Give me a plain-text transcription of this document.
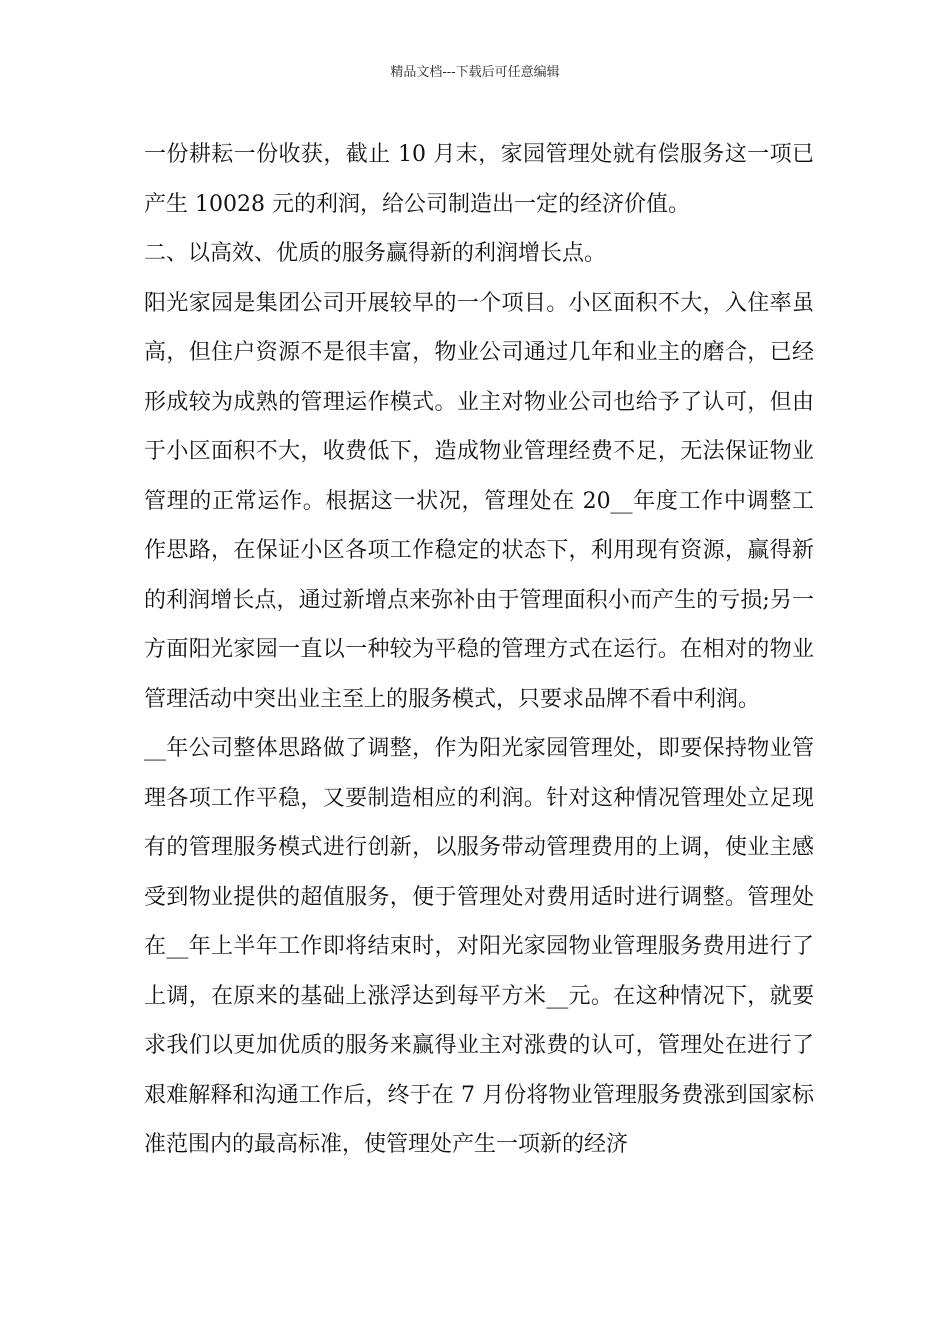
精品文档---下载后可任意编辑

一份耕耘一份收获，截止 10 月末，家园管理处就有偿服务这一项已产生 10028 元的利润，给公司制造出一定的经济价值。

二、以高效、优质的服务赢得新的利润增长点。

阳光家园是集团公司开展较早的一个项目。小区面积不大，入住率虽高，但住户资源不是很丰富，物业公司通过几年和业主的磨合，已经形成较为成熟的管理运作模式。业主对物业公司也给予了认可，但由于小区面积不大，收费低下，造成物业管理经费不足，无法保证物业管理的正常运作。根据这一状况，管理处在 20__年度工作中调整工作思路，在保证小区各项工作稳定的状态下，利用现有资源，赢得新的利润增长点，通过新增点来弥补由于管理面积小而产生的亏损;另一方面阳光家园一直以一种较为平稳的管理方式在运行。在相对的物业管理活动中突出业主至上的服务模式，只要求品牌不看中利润。

__年公司整体思路做了调整，作为阳光家园管理处，即要保持物业管理各项工作平稳，又要制造相应的利润。针对这种情况管理处立足现有的管理服务模式进行创新，以服务带动管理费用的上调，使业主感受到物业提供的超值服务，便于管理处对费用适时进行调整。管理处在__年上半年工作即将结束时，对阳光家园物业管理服务费用进行了上调，在原来的基础上涨浮达到每平方米__元。在这种情况下，就要求我们以更加优质的服务来赢得业主对涨费的认可，管理处在进行了艰难解释和沟通工作后，终于在 7 月份将物业管理服务费涨到国家标准范围内的最高标准，使管理处产生一项新的经济
